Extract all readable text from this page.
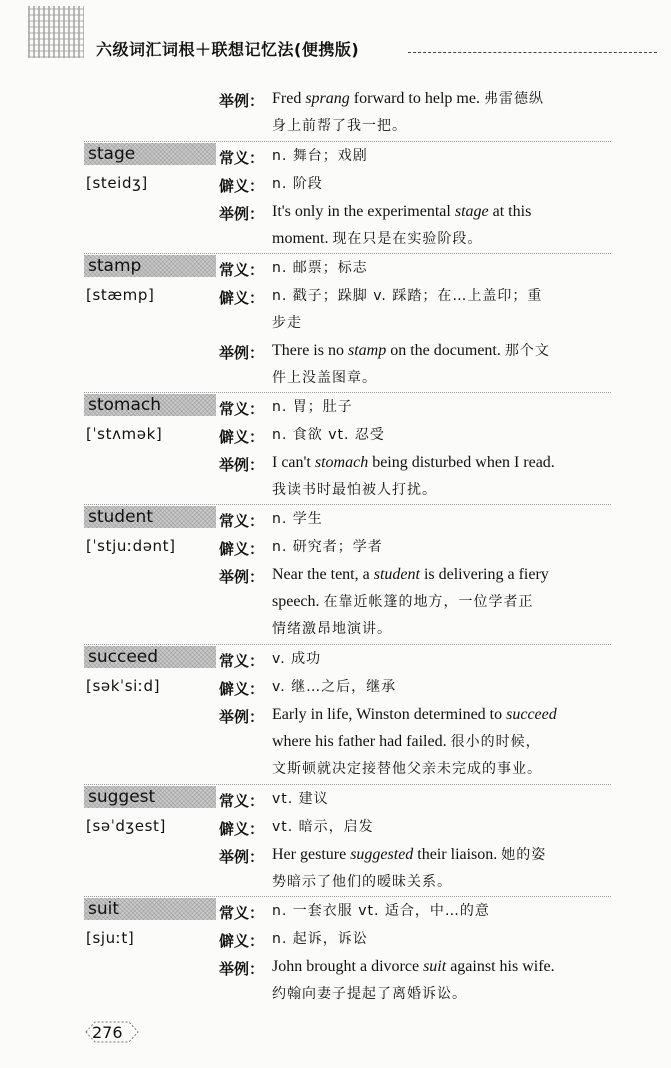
六级词汇词根＋联想记忆法(便携版)
举例： Fred sprang forward to help me. 弗雷德纵
身上前帮了我一把。
stage
[steidʒ]
常义： n. 舞台；戏剧
僻义： n. 阶段
举例： It's only in the experimental stage at this
moment. 现在只是在实验阶段。
stamp
[stæmp]
常义： n. 邮票；标志
僻义： n. 戳子；跺脚 v. 踩踏；在…上盖印；重
步走
举例： There is no stamp on the document. 那个文
件上没盖图章。
stomach
[ˈstʌmək]
常义： n. 胃；肚子
僻义： n. 食欲 vt. 忍受
举例： I can't stomach being disturbed when I read.
我读书时最怕被人打扰。
student
[ˈstjuːdənt]
常义： n. 学生
僻义： n. 研究者；学者
举例： Near the tent, a student is delivering a fiery
speech. 在靠近帐篷的地方，一位学者正
情绪激昂地演讲。
succeed
[səkˈsiːd]
常义： v. 成功
僻义： v. 继…之后，继承
举例： Early in life, Winston determined to succeed
where his father had failed. 很小的时候，
文斯顿就决定接替他父亲未完成的事业。
suggest
[səˈdʒest]
常义： vt. 建议
僻义： vt. 暗示，启发
举例： Her gesture suggested their liaison. 她的姿
势暗示了他们的暧昧关系。
suit
[sjuːt]
常义： n. 一套衣服 vt. 适合，中…的意
僻义： n. 起诉，诉讼
举例： John brought a divorce suit against his wife.
约翰向妻子提起了离婚诉讼。
276
